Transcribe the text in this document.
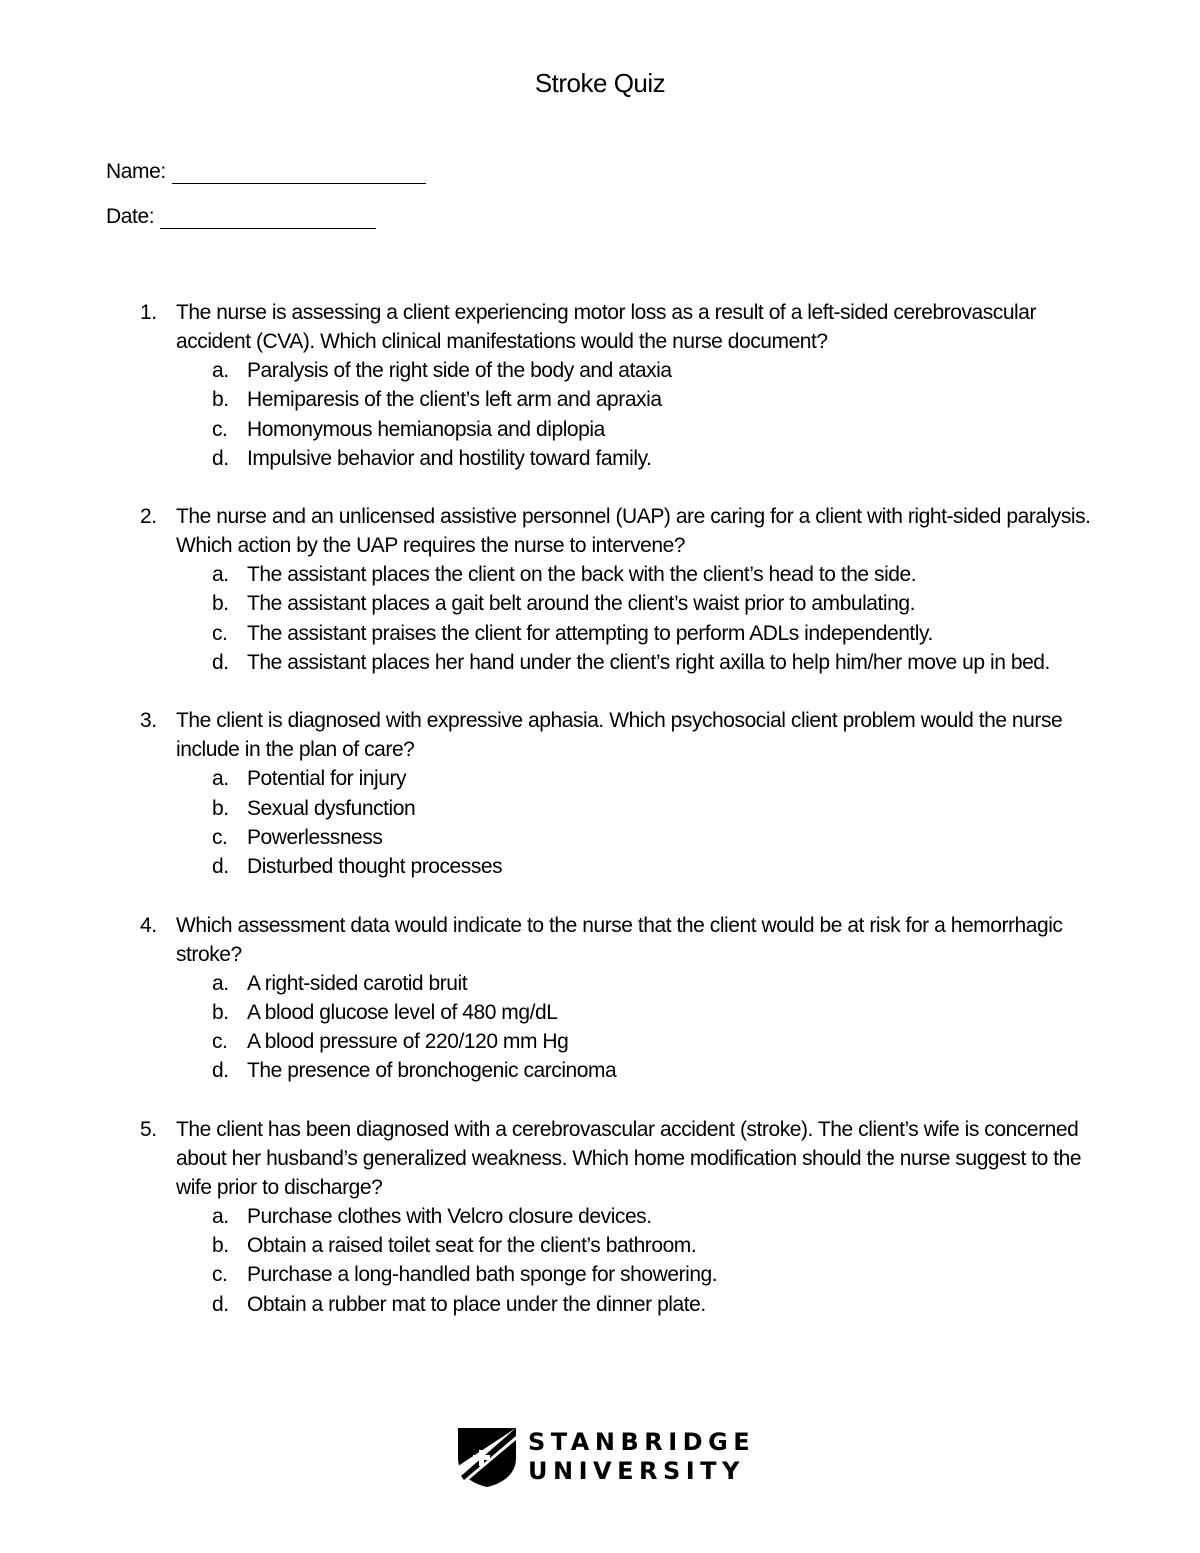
Stroke Quiz
Name:
Date:
1. The nurse is assessing a client experiencing motor loss as a result of a left-sided cerebrovascular accident (CVA). Which clinical manifestations would the nurse document?
a. Paralysis of the right side of the body and ataxia
b. Hemiparesis of the client’s left arm and apraxia
c. Homonymous hemianopsia and diplopia
d. Impulsive behavior and hostility toward family.
2. The nurse and an unlicensed assistive personnel (UAP) are caring for a client with right-sided paralysis. Which action by the UAP requires the nurse to intervene?
a. The assistant places the client on the back with the client’s head to the side.
b. The assistant places a gait belt around the client’s waist prior to ambulating.
c. The assistant praises the client for attempting to perform ADLs independently.
d. The assistant places her hand under the client’s right axilla to help him/her move up in bed.
3. The client is diagnosed with expressive aphasia. Which psychosocial client problem would the nurse include in the plan of care?
a. Potential for injury
b. Sexual dysfunction
c. Powerlessness
d. Disturbed thought processes
4. Which assessment data would indicate to the nurse that the client would be at risk for a hemorrhagic stroke?
a. A right-sided carotid bruit
b. A blood glucose level of 480 mg/dL
c. A blood pressure of 220/120 mm Hg
d. The presence of bronchogenic carcinoma
5. The client has been diagnosed with a cerebrovascular accident (stroke). The client’s wife is concerned about her husband’s generalized weakness. Which home modification should the nurse suggest to the wife prior to discharge?
a. Purchase clothes with Velcro closure devices.
b. Obtain a raised toilet seat for the client’s bathroom.
c. Purchase a long-handled bath sponge for showering.
d. Obtain a rubber mat to place under the dinner plate.
STANBRIDGE
UNIVERSITY
